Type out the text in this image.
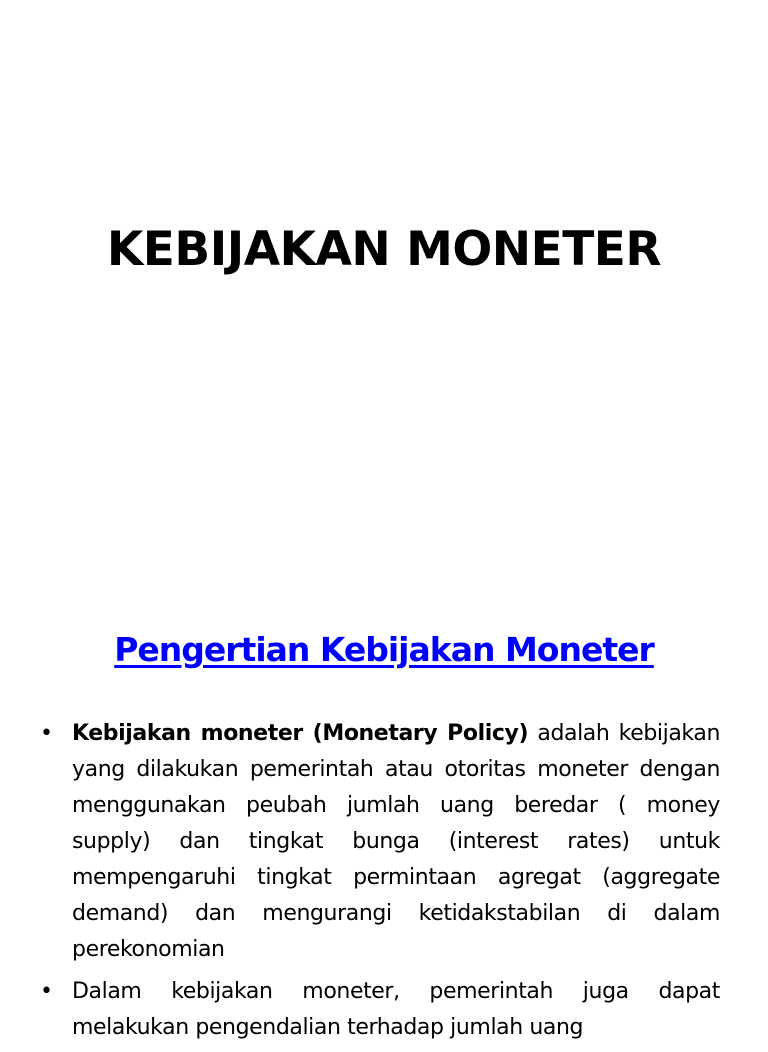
KEBIJAKAN MONETER
Pengertian Kebijakan Moneter
• Kebijakan moneter (Monetary Policy) adalah kebijakan yang dilakukan pemerintah atau otoritas moneter dengan menggunakan peubah jumlah uang beredar ( money supply) dan tingkat bunga (interest rates) untuk mempengaruhi tingkat permintaan agregat (aggregate demand) dan mengurangi ketidakstabilan di dalam perekonomian
• Dalam kebijakan moneter, pemerintah juga dapat melakukan pengendalian terhadap jumlah uang
